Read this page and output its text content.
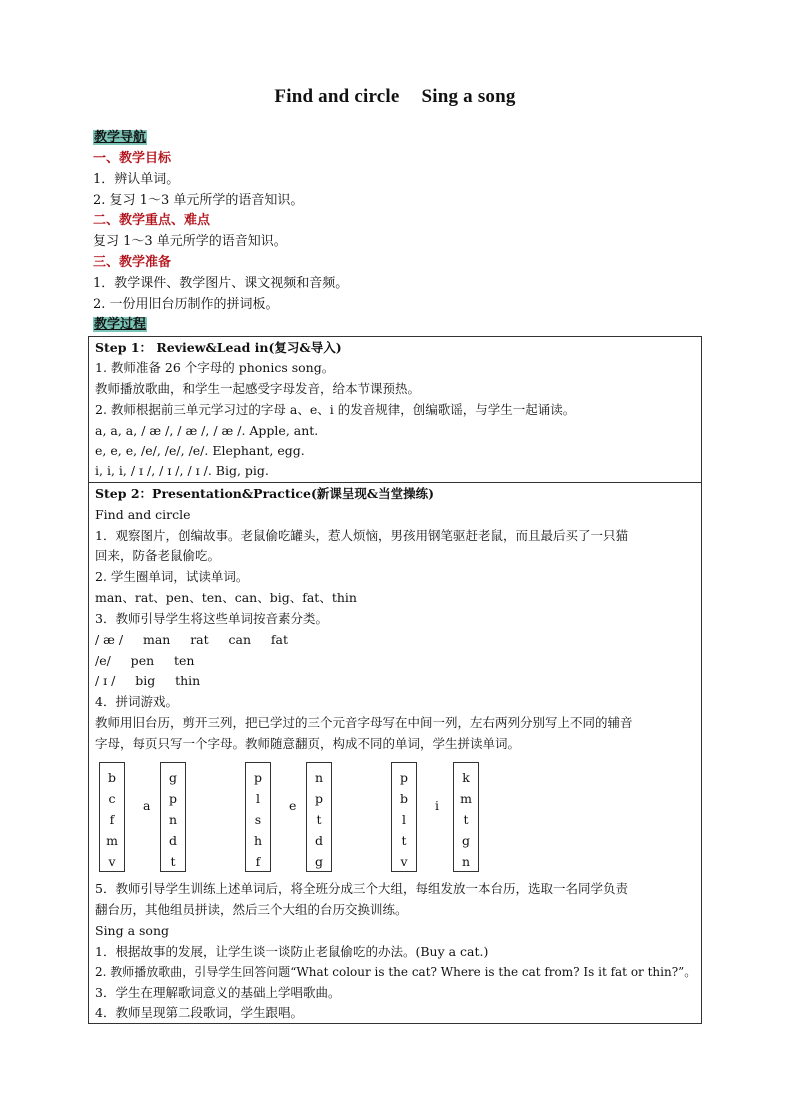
Find and circle Sing a song
教学导航
一、教学目标
1．辨认单词。
2. 复习 1～3 单元所学的语音知识。
二、教学重点、难点
复习 1～3 单元所学的语音知识。
三、教学准备
1．教学课件、教学图片、课文视频和音频。
2. 一份用旧台历制作的拼词板。
教学过程
Step 1： Review&Lead in(复习&导入)
1. 教师准备 26 个字母的 phonics song。
教师播放歌曲，和学生一起感受字母发音，给本节课预热。
2. 教师根据前三单元学习过的字母 a、e、i 的发音规律，创编歌谣，与学生一起诵读。
a, a, a, / æ /, / æ /, / æ /. Apple, ant.
e, e, e, /e/, /e/, /e/. Elephant, egg.
i, i, i, / ɪ /, / ɪ /, / ɪ /. Big, pig.
Step 2：Presentation&Practice(新课呈现&当堂操练)
Find and circle
1．观察图片，创编故事。老鼠偷吃罐头，惹人烦恼，男孩用钢笔驱赶老鼠，而且最后买了一只猫
回来，防备老鼠偷吃。
2. 学生圈单词，试读单词。
man、rat、pen、ten、can、big、fat、thin
3．教师引导学生将这些单词按音素分类。
/ æ /     man     rat     can     fat
/e/     pen     ten
/ ɪ /     big     thin
4．拼词游戏。
教师用旧台历，剪开三列，把已学过的三个元音字母写在中间一列，左右两列分别写上不同的辅音
字母，每页只写一个字母。教师随意翻页，构成不同的单词，学生拼读单词。
b
c
f
m
v
a
g
p
n
d
t
p
l
s
h
f
e
n
p
t
d
g
p
b
l
t
v
i
k
m
t
g
n
5．教师引导学生训练上述单词后，将全班分成三个大组，每组发放一本台历，选取一名同学负责
翻台历，其他组员拼读，然后三个大组的台历交换训练。
Sing a song
1．根据故事的发展，让学生谈一谈防止老鼠偷吃的办法。(Buy a cat.)
2. 教师播放歌曲，引导学生回答问题“What colour is the cat? Where is the cat from? Is it fat or thin?”。
3．学生在理解歌词意义的基础上学唱歌曲。
4．教师呈现第二段歌词，学生跟唱。
